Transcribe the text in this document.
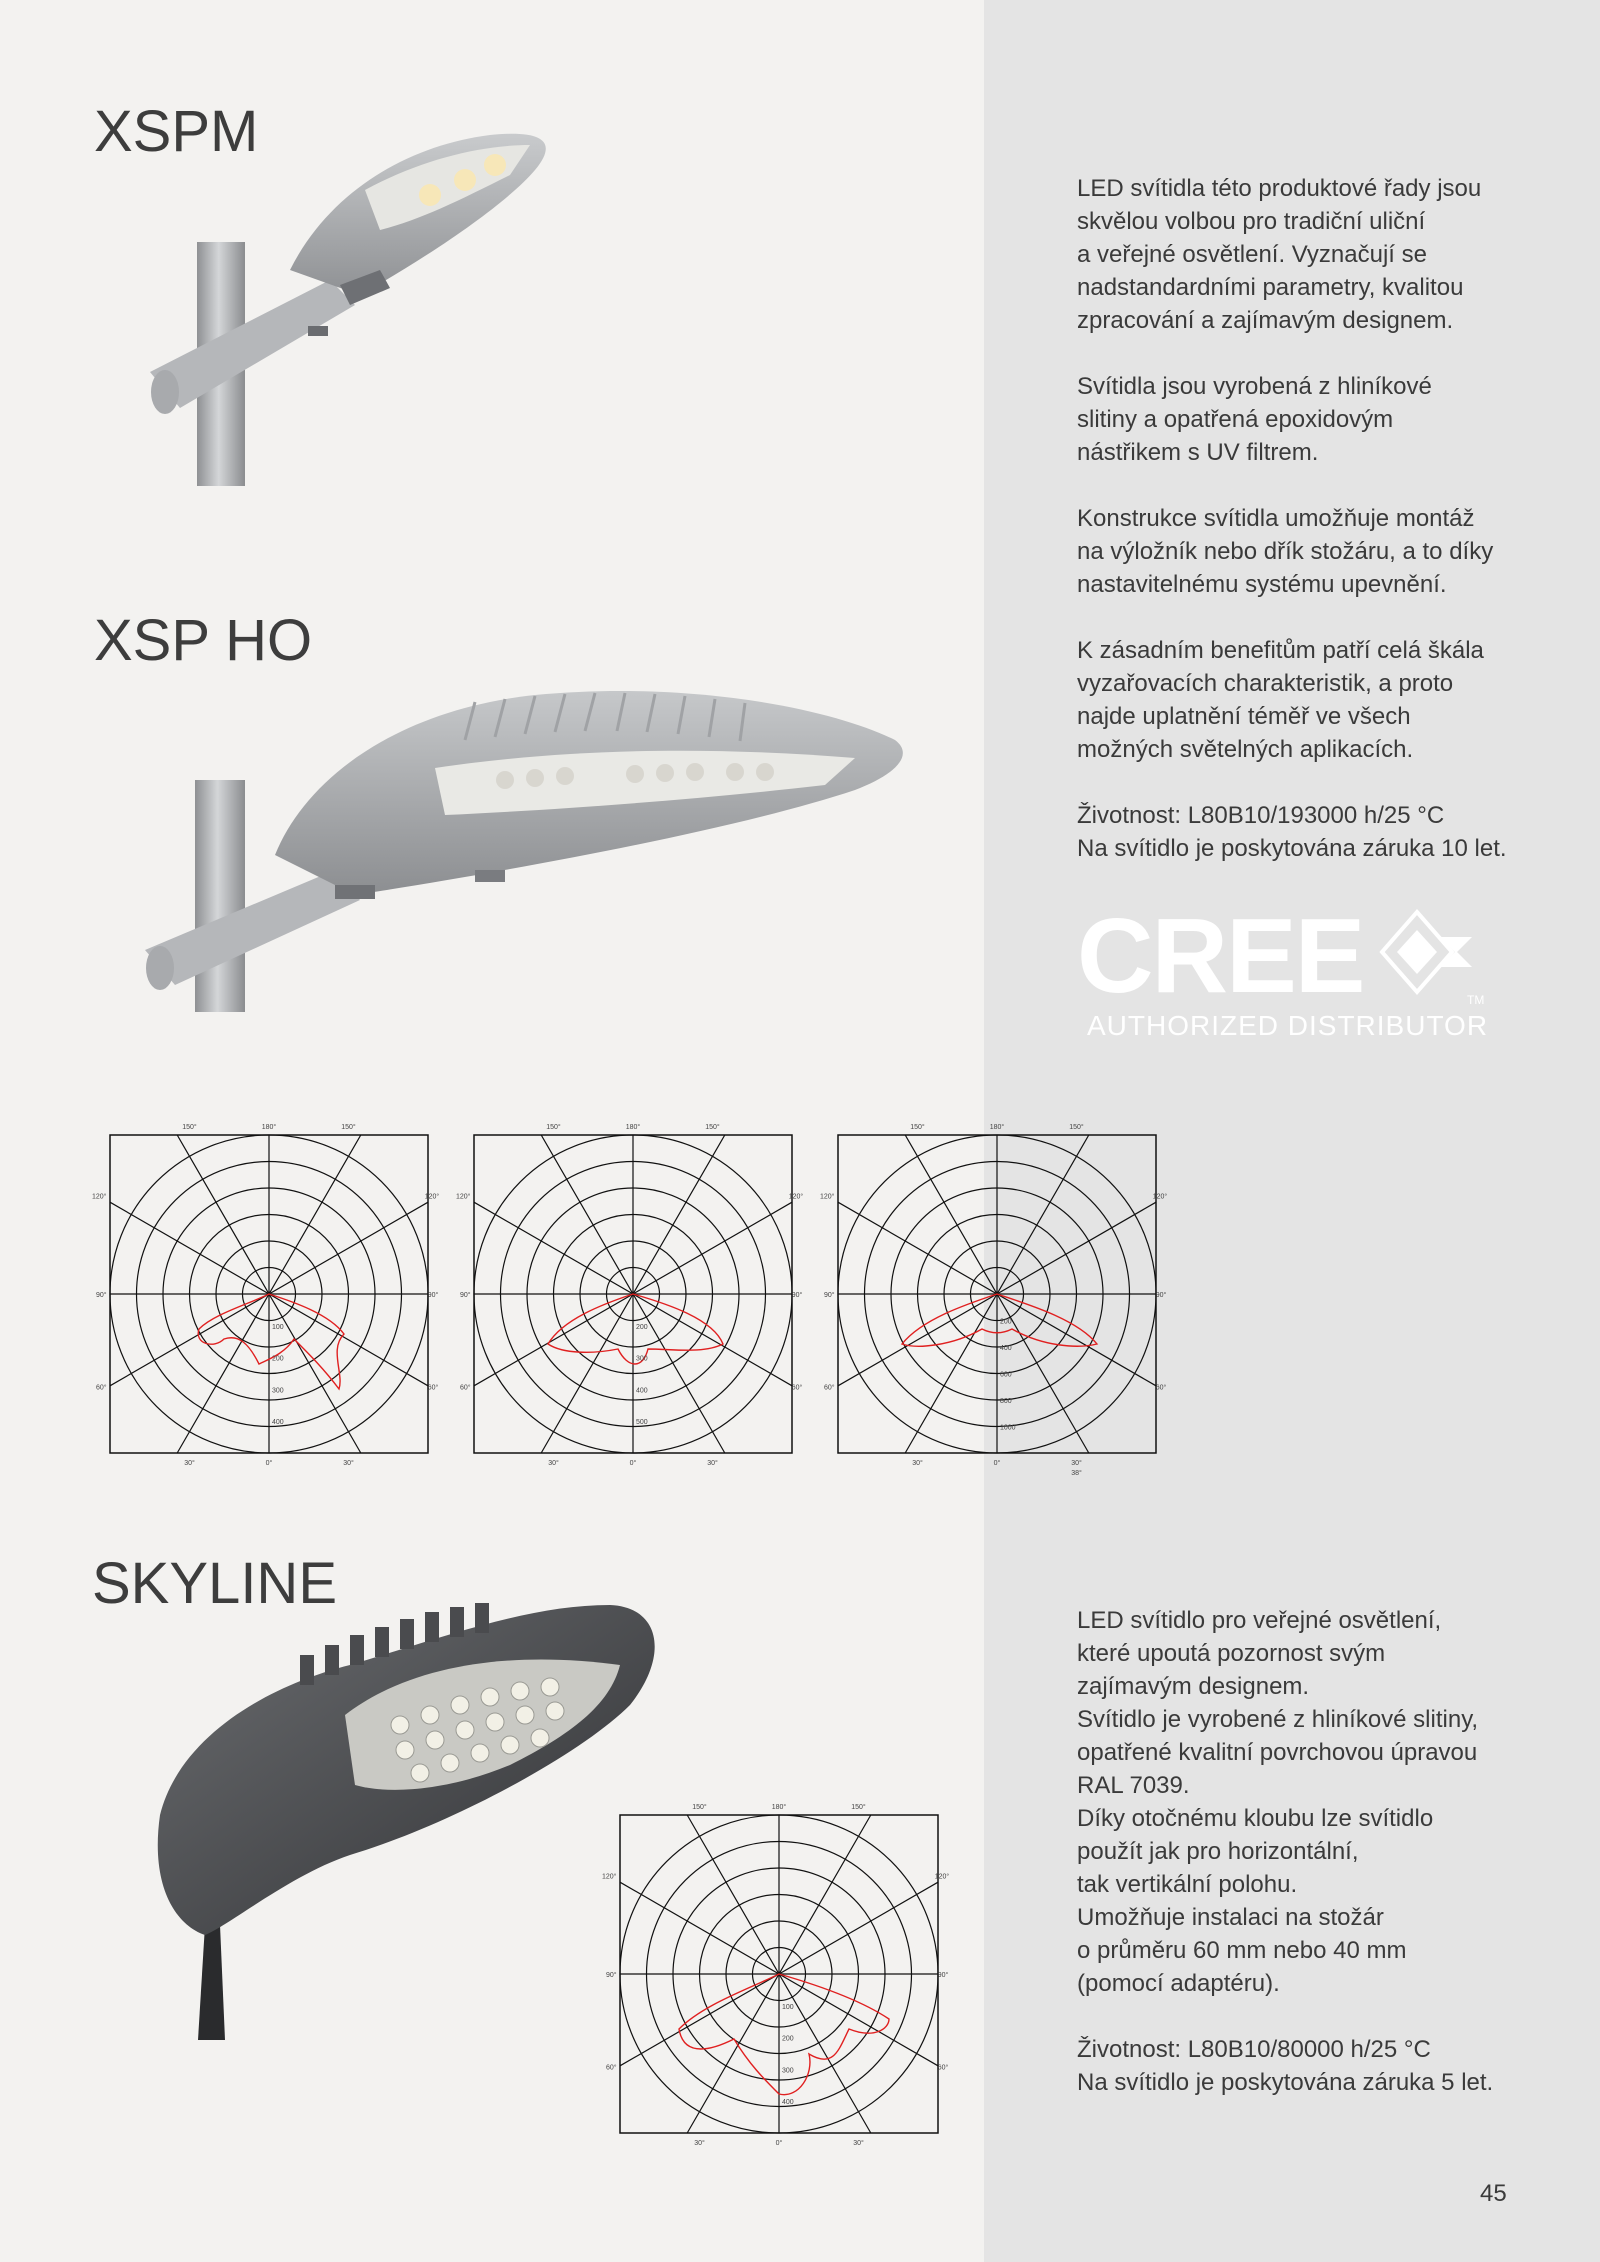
XSPM
XSP HO
SKYLINE
CREE	TM
AUTHORIZED DISTRIBUTOR

LED svítidla této produktové řady jsou
skvělou volbou pro tradiční uliční
a veřejné osvětlení. Vyznačují se
nadstandardními parametry, kvalitou
zpracování a zajímavým designem.

Svítidla jsou vyrobená z hliníkové
slitiny a opatřená epoxidovým
nástřikem s UV filtrem.

Konstrukce svítidla umožňuje montáž
na výložník nebo dřík stožáru, a to díky
nastavitelnému systému upevnění.

K zásadním benefitům patří celá škála
vyzařovacích charakteristik, a proto
najde uplatnění téměř ve všech
možných světelných aplikacích.

Životnost: L80B10/193000 h/25 °C
Na svítidlo je poskytována záruka 10 let.

LED svítidlo pro veřejné osvětlení,
které upoutá pozornost svým
zajímavým designem.
Svítidlo je vyrobené z hliníkové slitiny,
opatřené kvalitní povrchovou úpravou
RAL 7039.
Díky otočnému kloubu lze svítidlo
použít jak pro horizontální,
tak vertikální polohu.
Umožňuje instalaci na stožár
o průměru 60 mm nebo 40 mm
(pomocí adaptéru).

Životnost: L80B10/80000 h/25 °C
Na svítidlo je poskytována záruka 5 let.

150°	180°	150°
120°	120°
90°	90°
60°	60°
30°	0°	30°
100
200
300
400
150°	180°	150°
120°	120°
90°	90°
60°	60°
30°	0°	30°
200
300
400
500
150°	180°	150°
120°	120°
90°	90°
60°	60°
30°	0°	30°
200
400
600
800
1000
38°
150°	180°	150°
120°	120°
90°	90°
60°	60°
30°	0°	30°
100
200
300
400
45
